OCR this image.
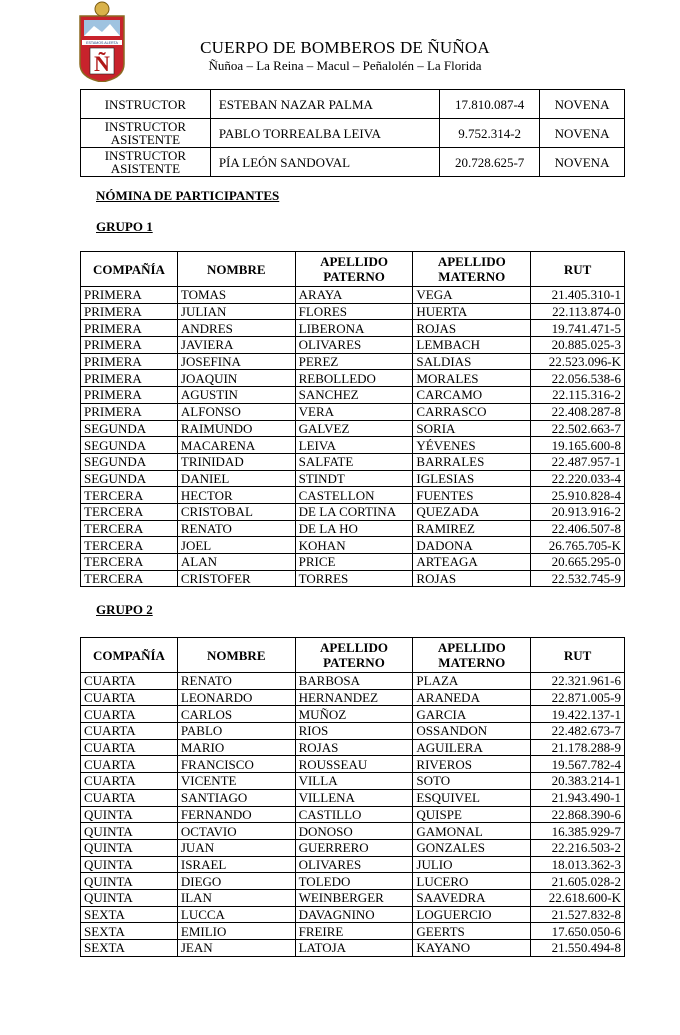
ESTAMOS ALERTA
Ñ
CUERPO DE BOMBEROS DE ÑUÑOA
Ñuñoa – La Reina – Macul – Peñalolén – La Florida
INSTRUCTOR	ESTEBAN NAZAR PALMA	17.810.087-4	NOVENA
INSTRUCTOR ASISTENTE	PABLO TORREALBA LEIVA	9.752.314-2	NOVENA
INSTRUCTOR ASISTENTE	PÍA LEÓN SANDOVAL	20.728.625-7	NOVENA
NÓMINA DE PARTICIPANTES
GRUPO 1
COMPAÑÍA	NOMBRE	APELLIDO PATERNO	APELLIDO MATERNO	RUT
PRIMERA	TOMAS	ARAYA	VEGA	21.405.310-1
PRIMERA	JULIAN	FLORES	HUERTA	22.113.874-0
PRIMERA	ANDRES	LIBERONA	ROJAS	19.741.471-5
PRIMERA	JAVIERA	OLIVARES	LEMBACH	20.885.025-3
PRIMERA	JOSEFINA	PEREZ	SALDIAS	22.523.096-K
PRIMERA	JOAQUIN	REBOLLEDO	MORALES	22.056.538-6
PRIMERA	AGUSTIN	SANCHEZ	CARCAMO	22.115.316-2
PRIMERA	ALFONSO	VERA	CARRASCO	22.408.287-8
SEGUNDA	RAIMUNDO	GALVEZ	SORIA	22.502.663-7
SEGUNDA	MACARENA	LEIVA	YÉVENES	19.165.600-8
SEGUNDA	TRINIDAD	SALFATE	BARRALES	22.487.957-1
SEGUNDA	DANIEL	STINDT	IGLESIAS	22.220.033-4
TERCERA	HECTOR	CASTELLON	FUENTES	25.910.828-4
TERCERA	CRISTOBAL	DE LA CORTINA	QUEZADA	20.913.916-2
TERCERA	RENATO	DE LA HO	RAMIREZ	22.406.507-8
TERCERA	JOEL	KOHAN	DADONA	26.765.705-K
TERCERA	ALAN	PRICE	ARTEAGA	20.665.295-0
TERCERA	CRISTOFER	TORRES	ROJAS	22.532.745-9
GRUPO 2
COMPAÑÍA	NOMBRE	APELLIDO PATERNO	APELLIDO MATERNO	RUT
CUARTA	RENATO	BARBOSA	PLAZA	22.321.961-6
CUARTA	LEONARDO	HERNANDEZ	ARANEDA	22.871.005-9
CUARTA	CARLOS	MUÑOZ	GARCIA	19.422.137-1
CUARTA	PABLO	RIOS	OSSANDON	22.482.673-7
CUARTA	MARIO	ROJAS	AGUILERA	21.178.288-9
CUARTA	FRANCISCO	ROUSSEAU	RIVEROS	19.567.782-4
CUARTA	VICENTE	VILLA	SOTO	20.383.214-1
CUARTA	SANTIAGO	VILLENA	ESQUIVEL	21.943.490-1
QUINTA	FERNANDO	CASTILLO	QUISPE	22.868.390-6
QUINTA	OCTAVIO	DONOSO	GAMONAL	16.385.929-7
QUINTA	JUAN	GUERRERO	GONZALES	22.216.503-2
QUINTA	ISRAEL	OLIVARES	JULIO	18.013.362-3
QUINTA	DIEGO	TOLEDO	LUCERO	21.605.028-2
QUINTA	ILAN	WEINBERGER	SAAVEDRA	22.618.600-K
SEXTA	LUCCA	DAVAGNINO	LOGUERCIO	21.527.832-8
SEXTA	EMILIO	FREIRE	GEERTS	17.650.050-6
SEXTA	JEAN	LATOJA	KAYANO	21.550.494-8
